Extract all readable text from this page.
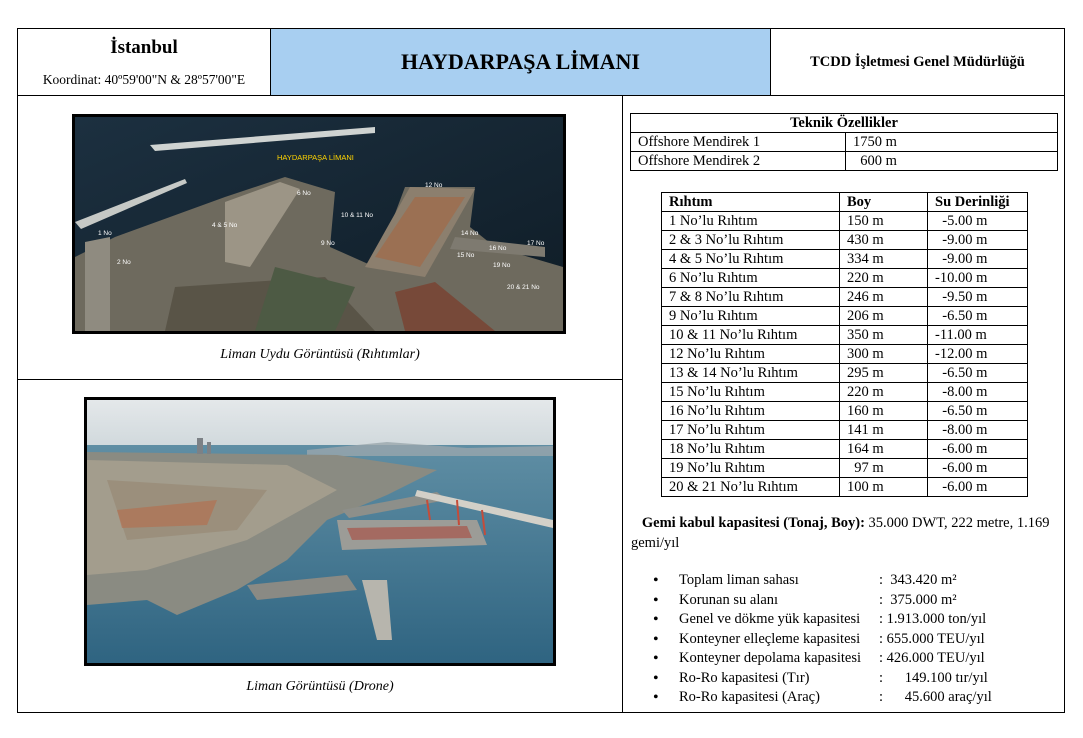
İstanbul
Koordinat: 40º59'00"N & 28º57'00"E
HAYDARPAŞA LİMANI	TCDD İşletmesi Genel Müdürlüğü
HAYDARPAŞA LİMANI
1 No
2 No
4 & 5 No
6 No
9 No
10 & 11 No
12 No
14 No
15 No
16 No
17 No
19 No
20 & 21 No
Liman Uydu Görüntüsü (Rıhtımlar)
Liman Görüntüsü (Drone)
Teknik Özellikler	
Offshore Mendirek 1	1750 m
Offshore Mendirek 2	600 m
Rıhtım	Boy	Su Derinliği
1 No’lu Rıhtım	150 m	-5.00 m
2 & 3 No’lu Rıhtım	430 m	-9.00 m
4 & 5 No’lu Rıhtım	334 m	-9.00 m
6 No’lu Rıhtım	220 m	-10.00 m
7 & 8 No’lu Rıhtım	246 m	-9.50 m
9 No’lu Rıhtım	206 m	-6.50 m
10 & 11 No’lu Rıhtım	350 m	-11.00 m
12 No’lu Rıhtım	300 m	-12.00 m
13 & 14 No’lu Rıhtım	295 m	-6.50 m
15 No’lu Rıhtım	220 m	-8.00 m
16 No’lu Rıhtım	160 m	-6.50 m
17 No’lu Rıhtım	141 m	-8.00 m
18 No’lu Rıhtım	164 m	-6.00 m
19 No’lu Rıhtım	97 m	-6.00 m
20 & 21 No’lu Rıhtım	100 m	-6.00 m
Gemi kabul kapasitesi (Tonaj, Boy): 35.000 DWT, 222 metre, 1.169 gemi/yıl
• Toplam liman sahası	:  343.420 m²
• Korunan su alanı	:  375.000 m²
• Genel ve dökme yük kapasitesi : 1.913.000 ton/yıl
• Konteyner elleçleme kapasitesi : 655.000 TEU/yıl
• Konteyner depolama kapasitesi : 426.000 TEU/yıl
• Ro-Ro kapasitesi (Tır)	:      149.100 tır/yıl
• Ro-Ro kapasitesi (Araç)	:      45.600 araç/yıl
